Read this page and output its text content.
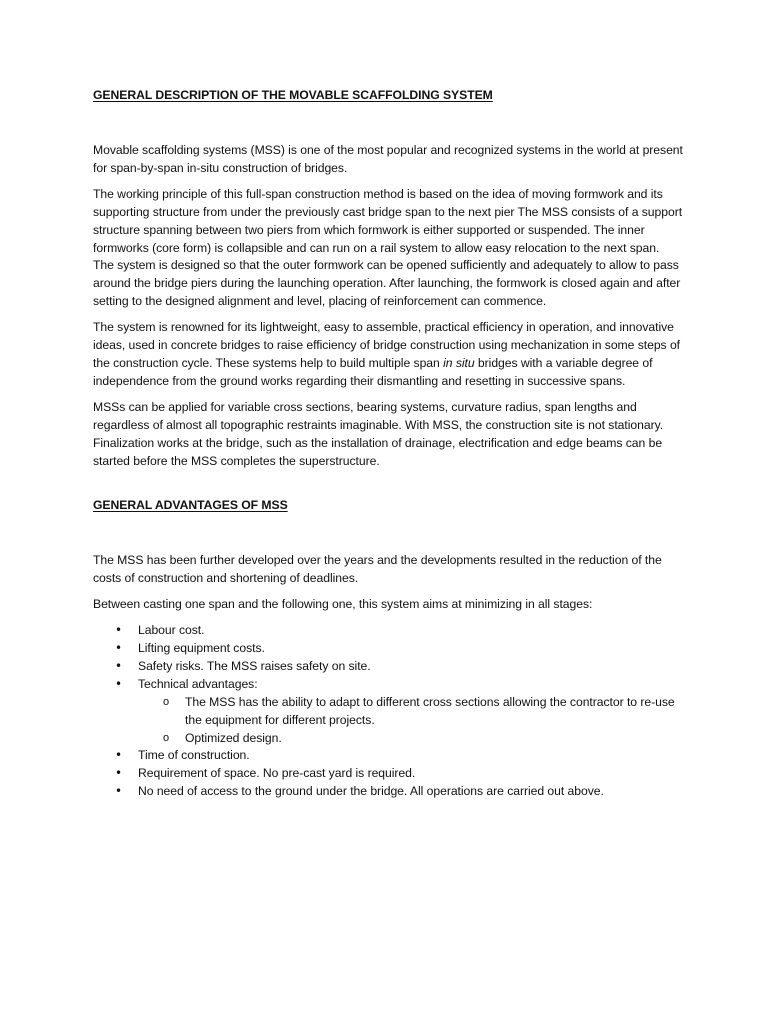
GENERAL DESCRIPTION OF THE MOVABLE SCAFFOLDING SYSTEM

Movable scaffolding systems (MSS) is one of the most popular and recognized systems in the world at present for span-by-span in-situ construction of bridges.

The working principle of this full-span construction method is based on the idea of moving formwork and its supporting structure from under the previously cast bridge span to the next pier The MSS consists of a support structure spanning between two piers from which formwork is either supported or suspended. The inner formworks (core form) is collapsible and can run on a rail system to allow easy relocation to the next span. The system is designed so that the outer formwork can be opened sufficiently and adequately to allow to pass around the bridge piers during the launching operation. After launching, the formwork is closed again and after setting to the designed alignment and level, placing of reinforcement can commence.

The system is renowned for its lightweight, easy to assemble, practical efficiency in operation, and innovative ideas, used in concrete bridges to raise efficiency of bridge construction using mechanization in some steps of the construction cycle. These systems help to build multiple span in situ bridges with a variable degree of independence from the ground works regarding their dismantling and resetting in successive spans.

MSSs can be applied for variable cross sections, bearing systems, curvature radius, span lengths and regardless of almost all topographic restraints imaginable. With MSS, the construction site is not stationary. Finalization works at the bridge, such as the installation of drainage, electrification and edge beams can be started before the MSS completes the superstructure.

GENERAL ADVANTAGES OF MSS

The MSS has been further developed over the years and the developments resulted in the reduction of the costs of construction and shortening of deadlines.

Between casting one span and the following one, this system aims at minimizing in all stages:

• Labour cost.
• Lifting equipment costs.
• Safety risks. The MSS raises safety on site.
• Technical advantages:
o The MSS has the ability to adapt to different cross sections allowing the contractor to re-use the equipment for different projects.
o Optimized design.
• Time of construction.
• Requirement of space. No pre-cast yard is required.
• No need of access to the ground under the bridge. All operations are carried out above.
